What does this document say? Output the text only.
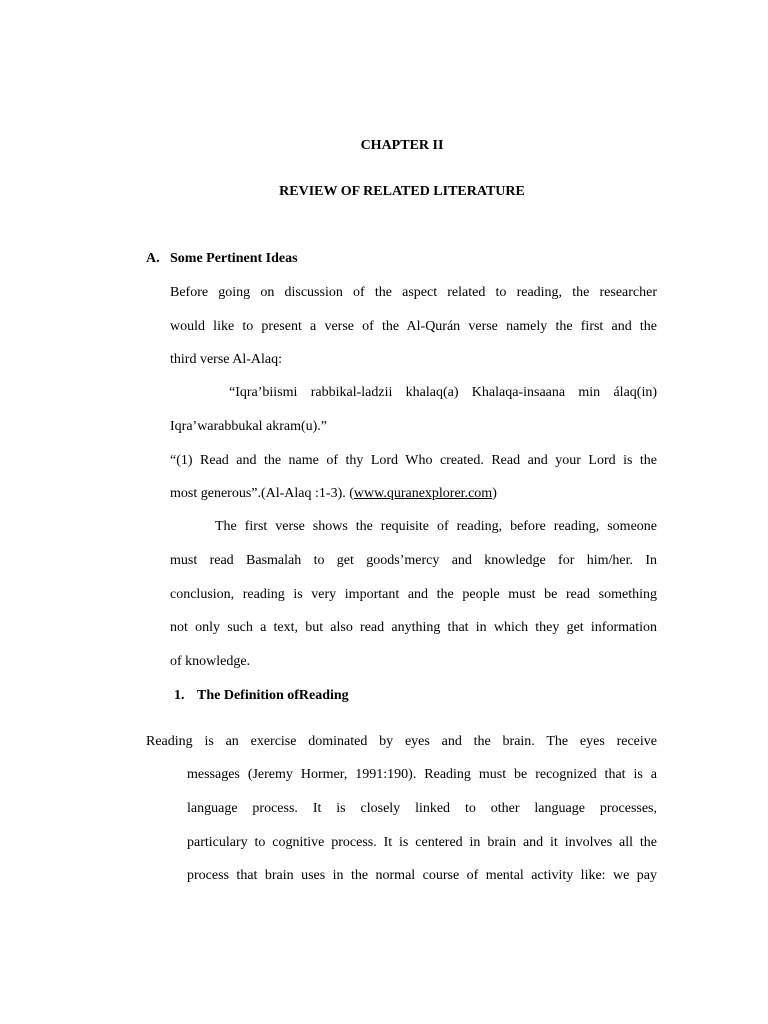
CHAPTER II
REVIEW OF RELATED LITERATURE
A. Some Pertinent Ideas
Before going on discussion of the aspect related to reading, the researcher
would like to present a verse of the Al-Qurán verse namely the first and the
third verse Al-Alaq:
“Iqra’biismi rabbikal-ladzii khalaq(a) Khalaqa-insaana min álaq(in)
Iqra’warabbukal akram(u).”
“(1) Read and the name of thy Lord Who created. Read and your Lord is the
most generous”.(Al-Alaq :1-3). (www.quranexplorer.com)
The first verse shows the requisite of reading, before reading, someone
must read Basmalah to get goods’mercy and knowledge for him/her. In
conclusion, reading is very important and the people must be read something
not only such a text, but also read anything that in which they get information
of knowledge.
1. The Definition ofReading
Reading is an exercise dominated by eyes and the brain. The eyes receive
messages (Jeremy Hormer, 1991:190). Reading must be recognized that is a
language process. It is closely linked to other language processes,
particulary to cognitive process. It is centered in brain and it involves all the
process that brain uses in the normal course of mental activity like: we pay
